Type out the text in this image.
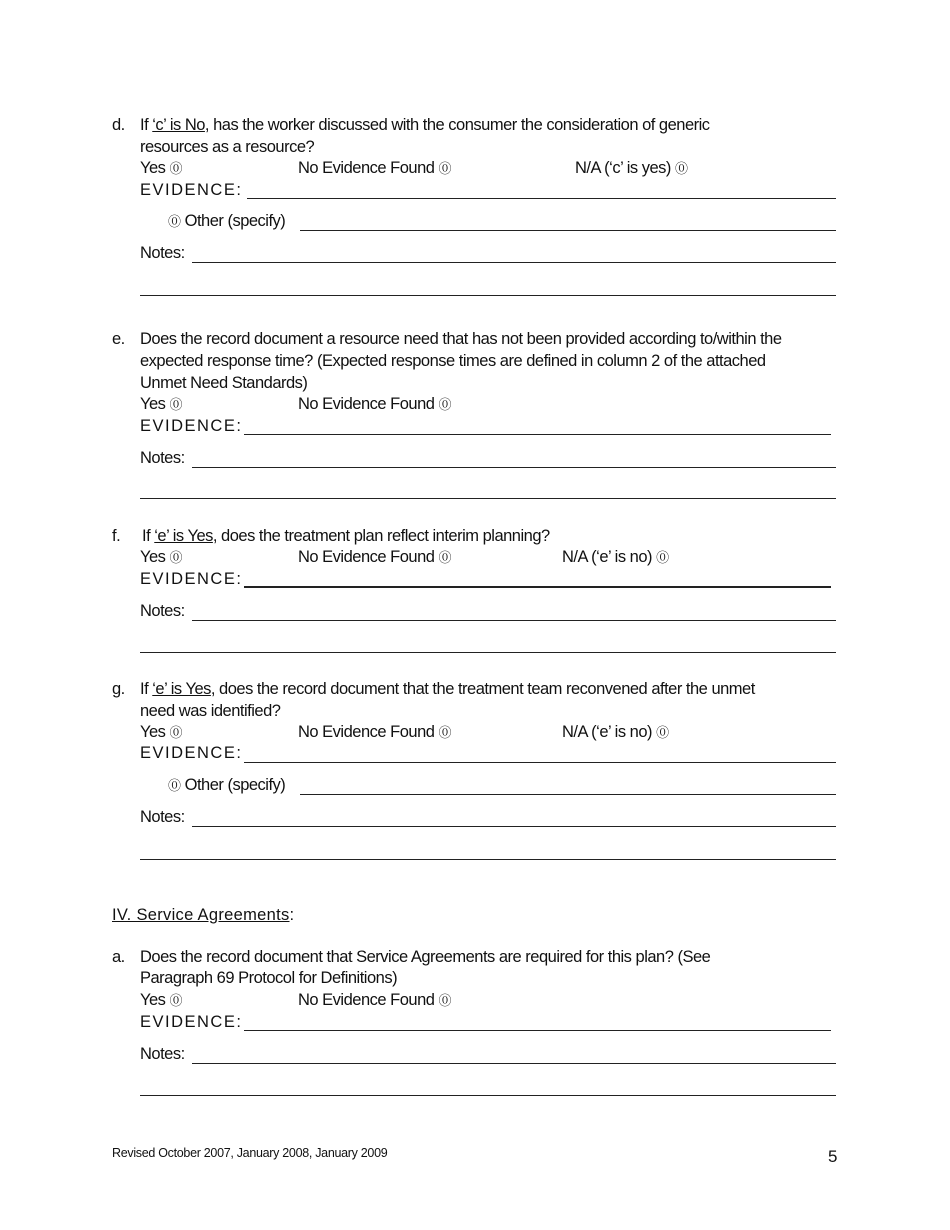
d. If ‘c’ is No, has the worker discussed with the consumer the consideration of generic
resources as a resource?
Yes ⓪	No Evidence Found ⓪	N/A (‘c’ is yes) ⓪
EVIDENCE:
⓪ Other (specify)
Notes:
e. Does the record document a resource need that has not been provided according to/within the
expected response time? (Expected response times are defined in column 2 of the attached
Unmet Need Standards)
Yes ⓪	No Evidence Found ⓪
EVIDENCE:
Notes:
f. If ‘e’ is Yes, does the treatment plan reflect interim planning?
Yes ⓪	No Evidence Found ⓪	N/A (‘e’ is no) ⓪
EVIDENCE:
Notes:
g. If ‘e’ is Yes, does the record document that the treatment team reconvened after the unmet
need was identified?
Yes ⓪	No Evidence Found ⓪	N/A (‘e’ is no) ⓪
EVIDENCE:
⓪ Other (specify)
Notes:
IV. Service Agreements:
a. Does the record document that Service Agreements are required for this plan? (See
Paragraph 69 Protocol for Definitions)
Yes ⓪	No Evidence Found ⓪
EVIDENCE:
Notes:
Revised October 2007, January 2008, January 2009	5
